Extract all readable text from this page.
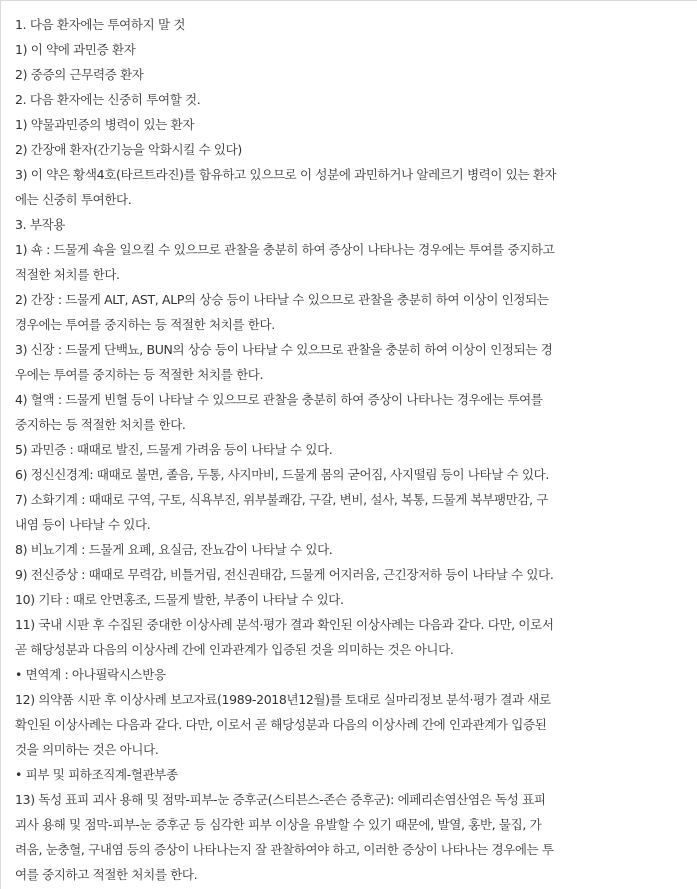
1. 다음 환자에는 투여하지 말 것
1) 이 약에 과민증 환자
2) 중증의 근무력증 환자
2. 다음 환자에는 신중히 투여할 것.
1) 약물과민증의 병력이 있는 환자
2) 간장애 환자(간기능을 악화시킬 수 있다)
3) 이 약은 황색4호(타르트라진)를 함유하고 있으므로 이 성분에 과민하거나 알레르기 병력이 있는 환자
에는 신중히 투여한다.
3. 부작용
1) 쇽 : 드물게 쇽을 일으킬 수 있으므로 관찰을 충분히 하여 증상이 나타나는 경우에는 투여를 중지하고
적절한 처치를 한다.
2) 간장 : 드물게 ALT, AST, ALP의 상승 등이 나타날 수 있으므로 관찰을 충분히 하여 이상이 인정되는
경우에는 투여를 중지하는 등 적절한 처치를 한다.
3) 신장 : 드물게 단백뇨, BUN의 상승 등이 나타날 수 있으므로 관찰을 충분히 하여 이상이 인정되는 경
우에는 투여를 중지하는 등 적절한 처치를 한다.
4) 혈액 : 드물게 빈혈 등이 나타날 수 있으므로 관찰을 충분히 하여 증상이 나타나는 경우에는 투여를
중지하는 등 적절한 처치를 한다.
5) 과민증 : 때때로 발진, 드물게 가려움 등이 나타날 수 있다.
6) 정신신경계: 때때로 불면, 졸음, 두통, 사지마비, 드물게 몸의 굳어짐, 사지떨림 등이 나타날 수 있다.
7) 소화기계 : 때때로 구역, 구토, 식욕부진, 위부불쾌감, 구갈, 변비, 설사, 복통, 드물게 복부팽만감, 구
내염 등이 나타날 수 있다.
8) 비뇨기계 : 드물게 요폐, 요실금, 잔뇨감이 나타날 수 있다.
9) 전신증상 : 때때로 무력감, 비틀거림, 전신권태감, 드물게 어지러움, 근긴장저하 등이 나타날 수 있다.
10) 기타 : 때로 안면홍조, 드물게 발한, 부종이 나타날 수 있다.
11) 국내 시판 후 수집된 중대한 이상사례 분석·평가 결과 확인된 이상사례는 다음과 같다. 다만, 이로서
곧 해당성분과 다음의 이상사례 간에 인과관계가 입증된 것을 의미하는 것은 아니다.
• 면역계 : 아나필락시스반응
12) 의약품 시판 후 이상사례 보고자료(1989-2018년12월)를 토대로 실마리정보 분석·평가 결과 새로
확인된 이상사례는 다음과 같다. 다만, 이로서 곧 해당성분과 다음의 이상사례 간에 인과관계가 입증된
것을 의미하는 것은 아니다.
• 피부 및 피하조직계-혈관부종
13) 독성 표피 괴사 용해 및 점막-피부-눈 증후군(스티븐스-존슨 증후군): 에페리손염산염은 독성 표피
괴사 용해 및 점막-피부-눈 증후군 등 심각한 피부 이상을 유발할 수 있기 때문에, 발열, 홍반, 물집, 가
려움, 눈충혈, 구내염 등의 증상이 나타나는지 잘 관찰하여야 하고, 이러한 증상이 나타나는 경우에는 투
여를 중지하고 적절한 처치를 한다.
